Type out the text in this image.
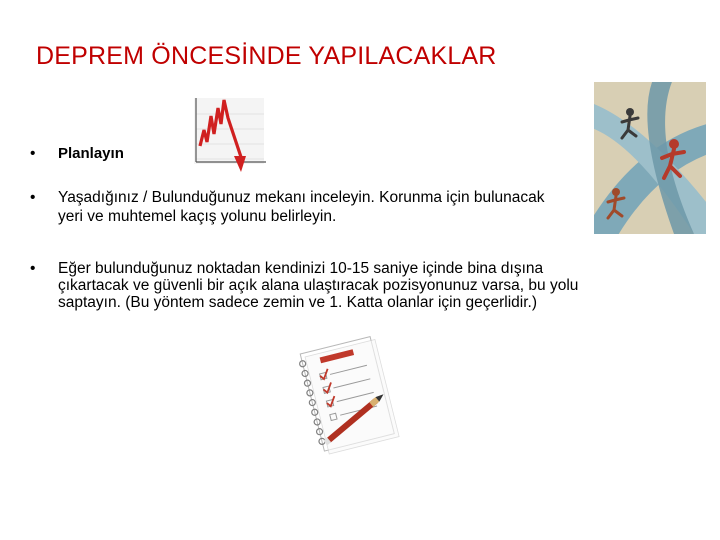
DEPREM ÖNCESİNDE YAPILACAKLAR
• Planlayın
• Yaşadığınız / Bulunduğunuz mekanı inceleyin. Korunma için bulunacak
yeri ve muhtemel kaçış yolunu belirleyin.
• Eğer bulunduğunuz noktadan kendinizi 10-15 saniye içinde bina dışına
çıkartacak ve güvenli bir açık alana ulaştıracak pozisyonunuz varsa, bu yolu
saptayın. (Bu yöntem sadece zemin ve 1. Katta olanlar için geçerlidir.)
